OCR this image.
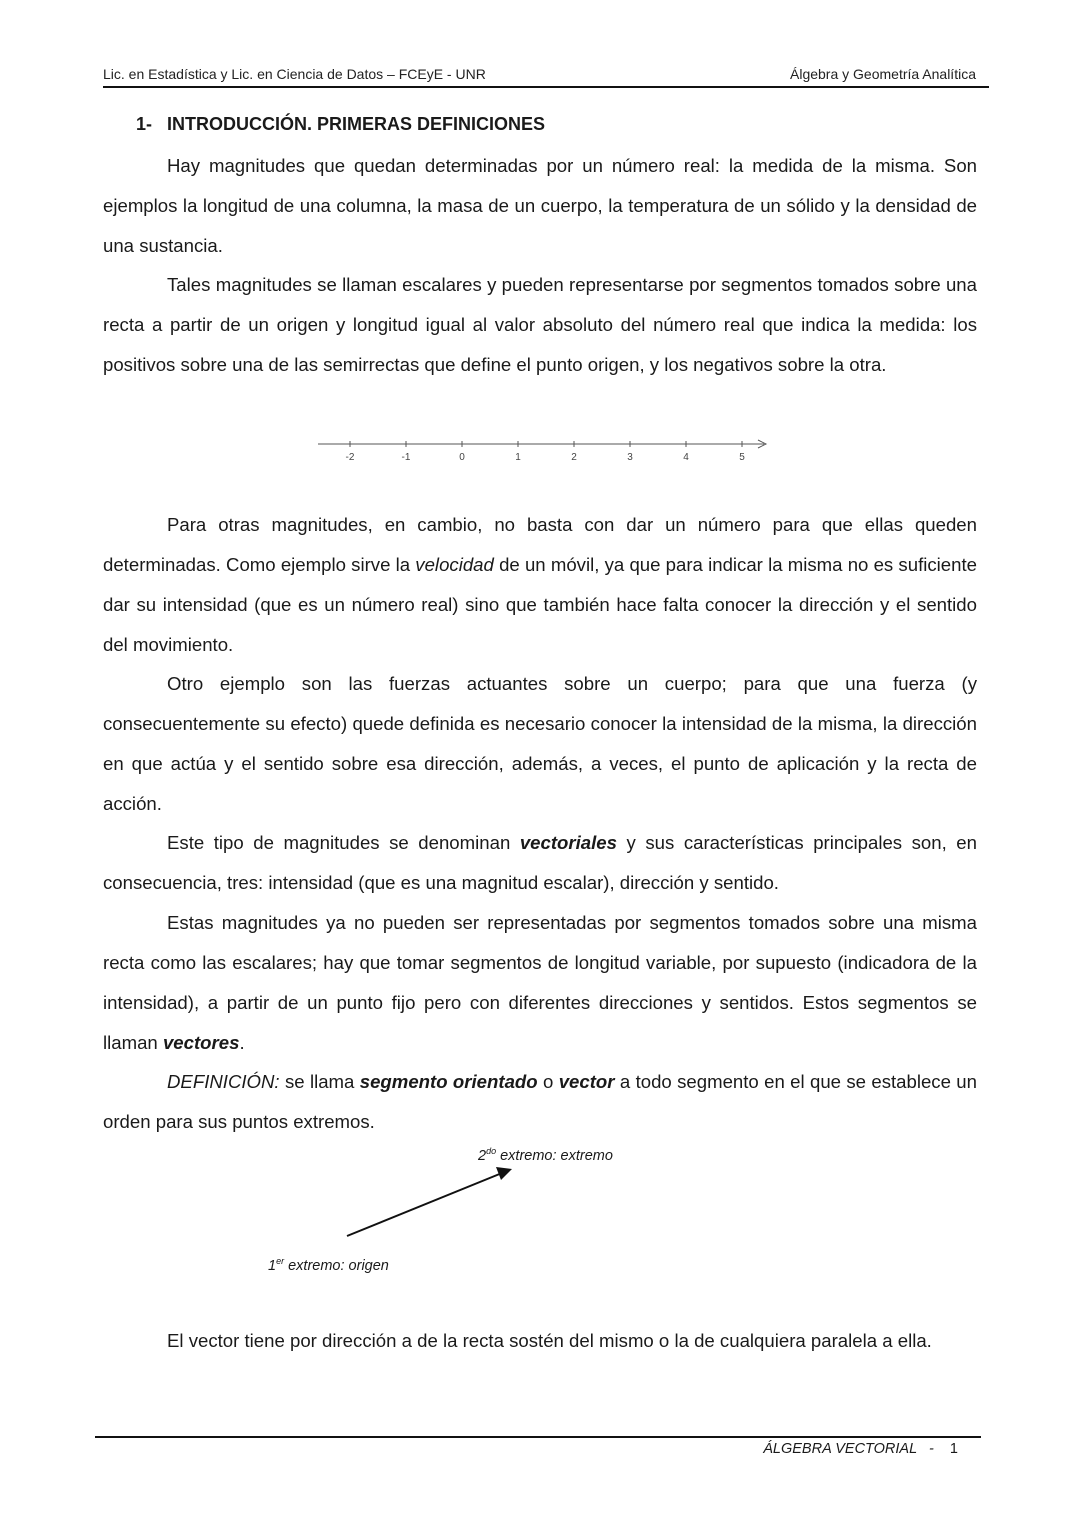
Lic. en Estadística y Lic. en Ciencia de Datos – FCEyE - UNR	Álgebra y Geometría Analítica
1- INTRODUCCIÓN. PRIMERAS DEFINICIONES

Hay magnitudes que quedan determinadas por un número real: la medida de la misma. Son ejemplos la longitud de una columna, la masa de un cuerpo, la temperatura de un sólido y la densidad de una sustancia.

Tales magnitudes se llaman escalares y pueden representarse por segmentos tomados sobre una recta a partir de un origen y longitud igual al valor absoluto del número real que indica la medida: los positivos sobre una de las semirrectas que define el punto origen, y los negativos sobre la otra.

-2	-1	0	1	2	3	4	5

Para otras magnitudes, en cambio, no basta con dar un número para que ellas queden determinadas. Como ejemplo sirve la velocidad de un móvil, ya que para indicar la misma no es suficiente dar su intensidad (que es un número real) sino que también hace falta conocer la dirección y el sentido del movimiento.

Otro ejemplo son las fuerzas actuantes sobre un cuerpo; para que una fuerza (y consecuentemente su efecto) quede definida es necesario conocer la intensidad de la misma, la dirección en que actúa y el sentido sobre esa dirección, además, a veces, el punto de aplicación y la recta de acción.

Este tipo de magnitudes se denominan vectoriales y sus características principales son, en consecuencia, tres: intensidad (que es una magnitud escalar), dirección y sentido.

Estas magnitudes ya no pueden ser representadas por segmentos tomados sobre una misma recta como las escalares; hay que tomar segmentos de longitud variable, por supuesto (indicadora de la intensidad), a partir de un punto fijo pero con diferentes direcciones y sentidos. Estos segmentos se llaman vectores.

DEFINICIÓN: se llama segmento orientado o vector a todo segmento en el que se establece un orden para sus puntos extremos.

$2^{do}$ extremo: extremo
1er extremo: origen

El vector tiene por dirección a de la recta sostén del mismo o la de cualquiera paralela a ella.

ÁLGEBRA VECTORIAL - 1
